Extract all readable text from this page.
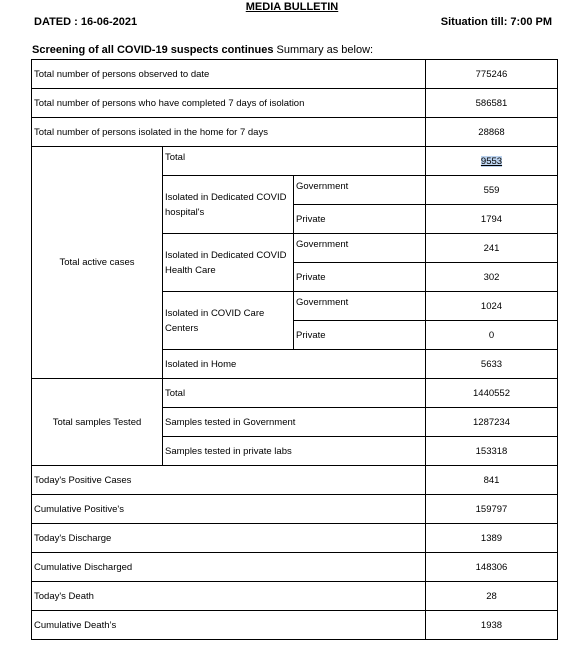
MEDIA BULLETIN
DATED : 16-06-2021	Situation till: 7:00 PM
Screening of all COVID-19 suspects continues Summary as below:
Total number of persons observed to date			775246
Total number of persons who have completed 7 days of isolation			586581
Total number of persons isolated in the home for 7 days			28868
Total active cases	Total		9553
	Isolated in Dedicated COVID hospital's	Government	559
		Private	1794
	Isolated in Dedicated COVID Health Care	Government	241
		Private	302
	Isolated in COVID Care Centers	Government	1024
		Private	0
	Isolated in Home		5633
Total samples Tested	Total		1440552
	Samples tested in Government		1287234
	Samples tested in private labs		153318
Today's Positive Cases			841
Cumulative Positive's			159797
Today's Discharge			1389
Cumulative Discharged			148306
Today's Death			28
Cumulative Death’s			1938
